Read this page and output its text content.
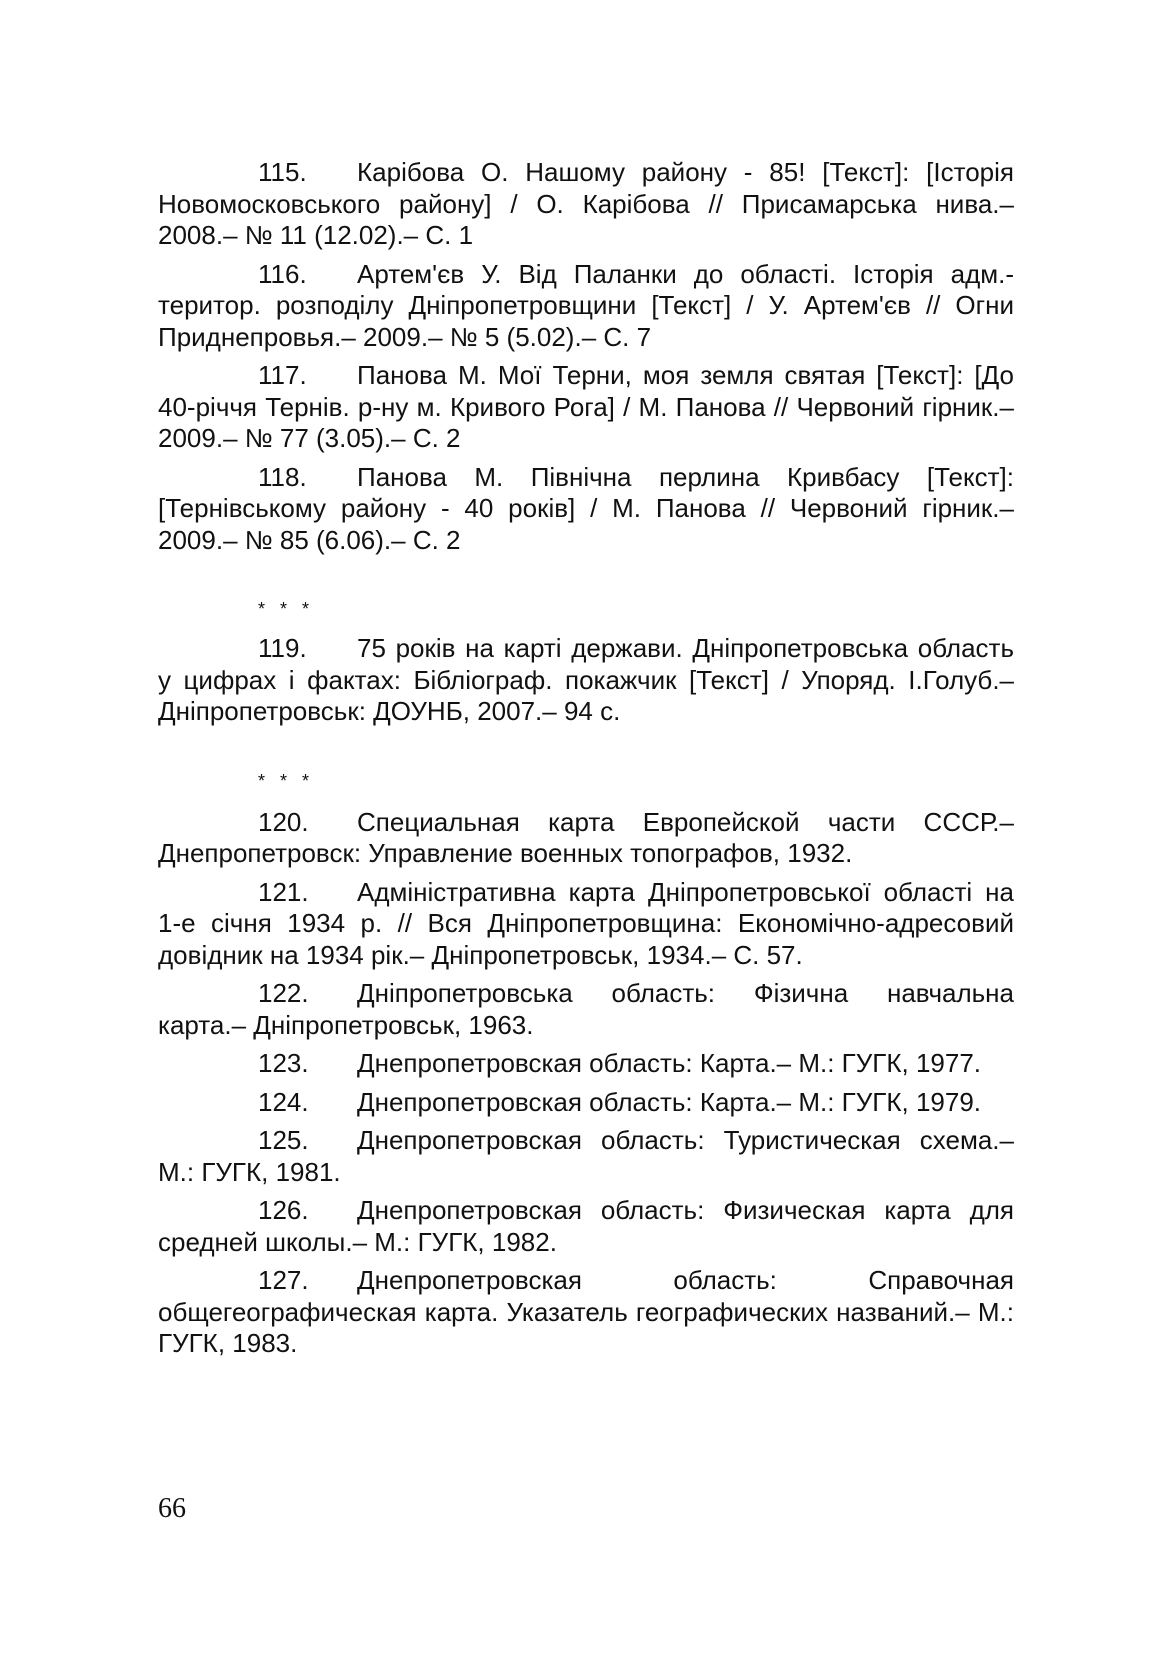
115. Карібова О. Нашому району - 85! [Текст]: [Історія Новомосковського району] / О. Карібова // Присамарська нива.– 2008.– № 11 (12.02).– С. 1

116. Артем'єв У. Від Паланки до області. Історія адм.-територ. розподілу Дніпропетровщини [Текст] / У. Артем'єв // Огни Приднепровья.– 2009.– № 5 (5.02).– С. 7

117. Панова М. Мої Терни, моя земля святая [Текст]: [До 40-річчя Тернів. р-ну м. Кривого Рога] / М. Панова // Червоний гірник.– 2009.– № 77 (3.05).– С. 2

118. Панова М. Північна перлина Кривбасу [Текст]: [Тернівському району - 40 років] / М. Панова // Червоний гірник.– 2009.– № 85 (6.06).– С. 2

* * *

119. 75 років на карті держави. Дніпропетровська область у цифрах і фактах: Бібліограф. покажчик [Текст] / Упоряд. І.Голуб.– Дніпропетровськ: ДОУНБ, 2007.– 94 с.

* * *

120. Специальная карта Европейской части СССР.– Днепропетровск: Управление военных топографов, 1932.

121. Адміністративна карта Дніпропетровської області на 1-е січня 1934 р. // Вся Дніпропетровщина: Економічно-адресовий довідник на 1934 рік.– Дніпропетровськ, 1934.– С. 57.

122. Дніпропетровська область: Фізична навчальна карта.– Дніпропетровськ, 1963.

123. Днепропетровская область: Карта.– М.: ГУГК, 1977.

124. Днепропетровская область: Карта.– М.: ГУГК, 1979.

125. Днепропетровская область: Туристическая схема.– М.: ГУГК, 1981.

126. Днепропетровская область: Физическая карта для средней школы.– М.: ГУГК, 1982.

127. Днепропетровская область: Справочная общегеографическая карта. Указатель географических названий.– М.: ГУГК, 1983.

66
